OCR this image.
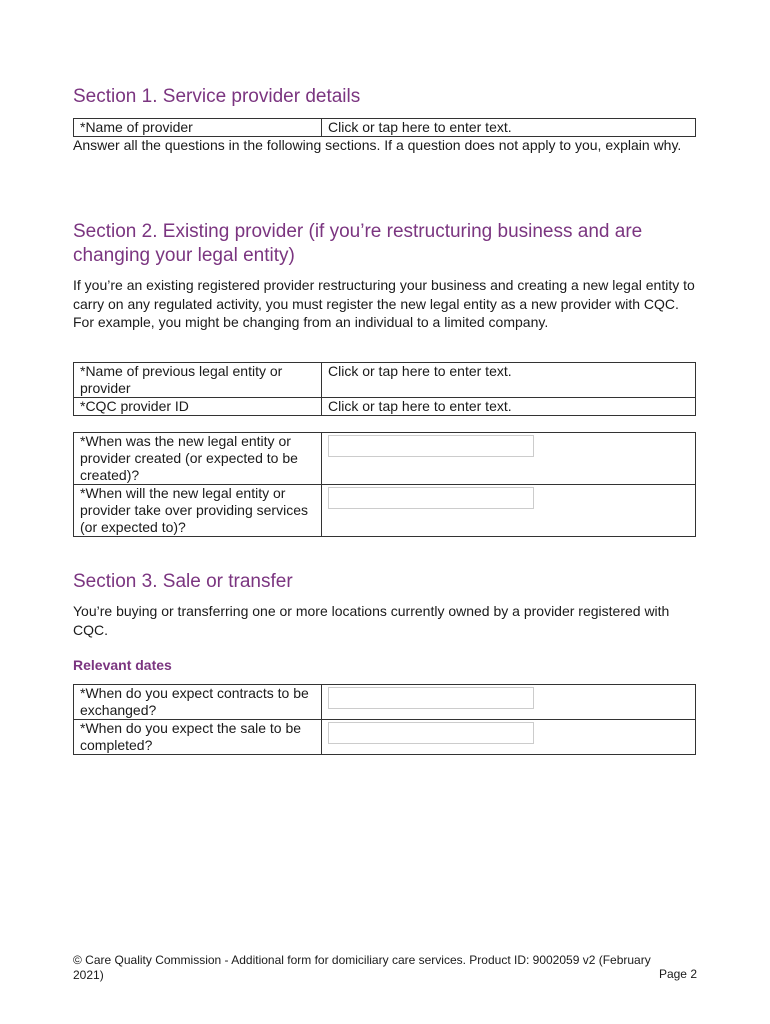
Section 1. Service provider details
*Name of provider	Click or tap here to enter text.

Answer all the questions in the following sections. If a question does not apply to you, explain why.

Section 2. Existing provider (if you’re restructuring business and are changing your legal entity)

If you’re an existing registered provider restructuring your business and creating a new legal entity to carry on any regulated activity, you must register the new legal entity as a new provider with CQC. For example, you might be changing from an individual to a limited company.

*Name of previous legal entity or provider	Click or tap here to enter text.
*CQC provider ID	Click or tap here to enter text.
*When was the new legal entity or provider created (or expected to be created)?	

*When will the new legal entity or provider take over providing services (or expected to)?	
Section 3. Sale or transfer

You’re buying or transferring one or more locations currently owned by a provider registered with CQC.

Relevant dates
*When do you expect contracts to be exchanged?	

*When do you expect the sale to be completed?	
© Care Quality Commission - Additional form for domiciliary care services. Product ID: 9002059 v2 (February 2021)	Page 2
